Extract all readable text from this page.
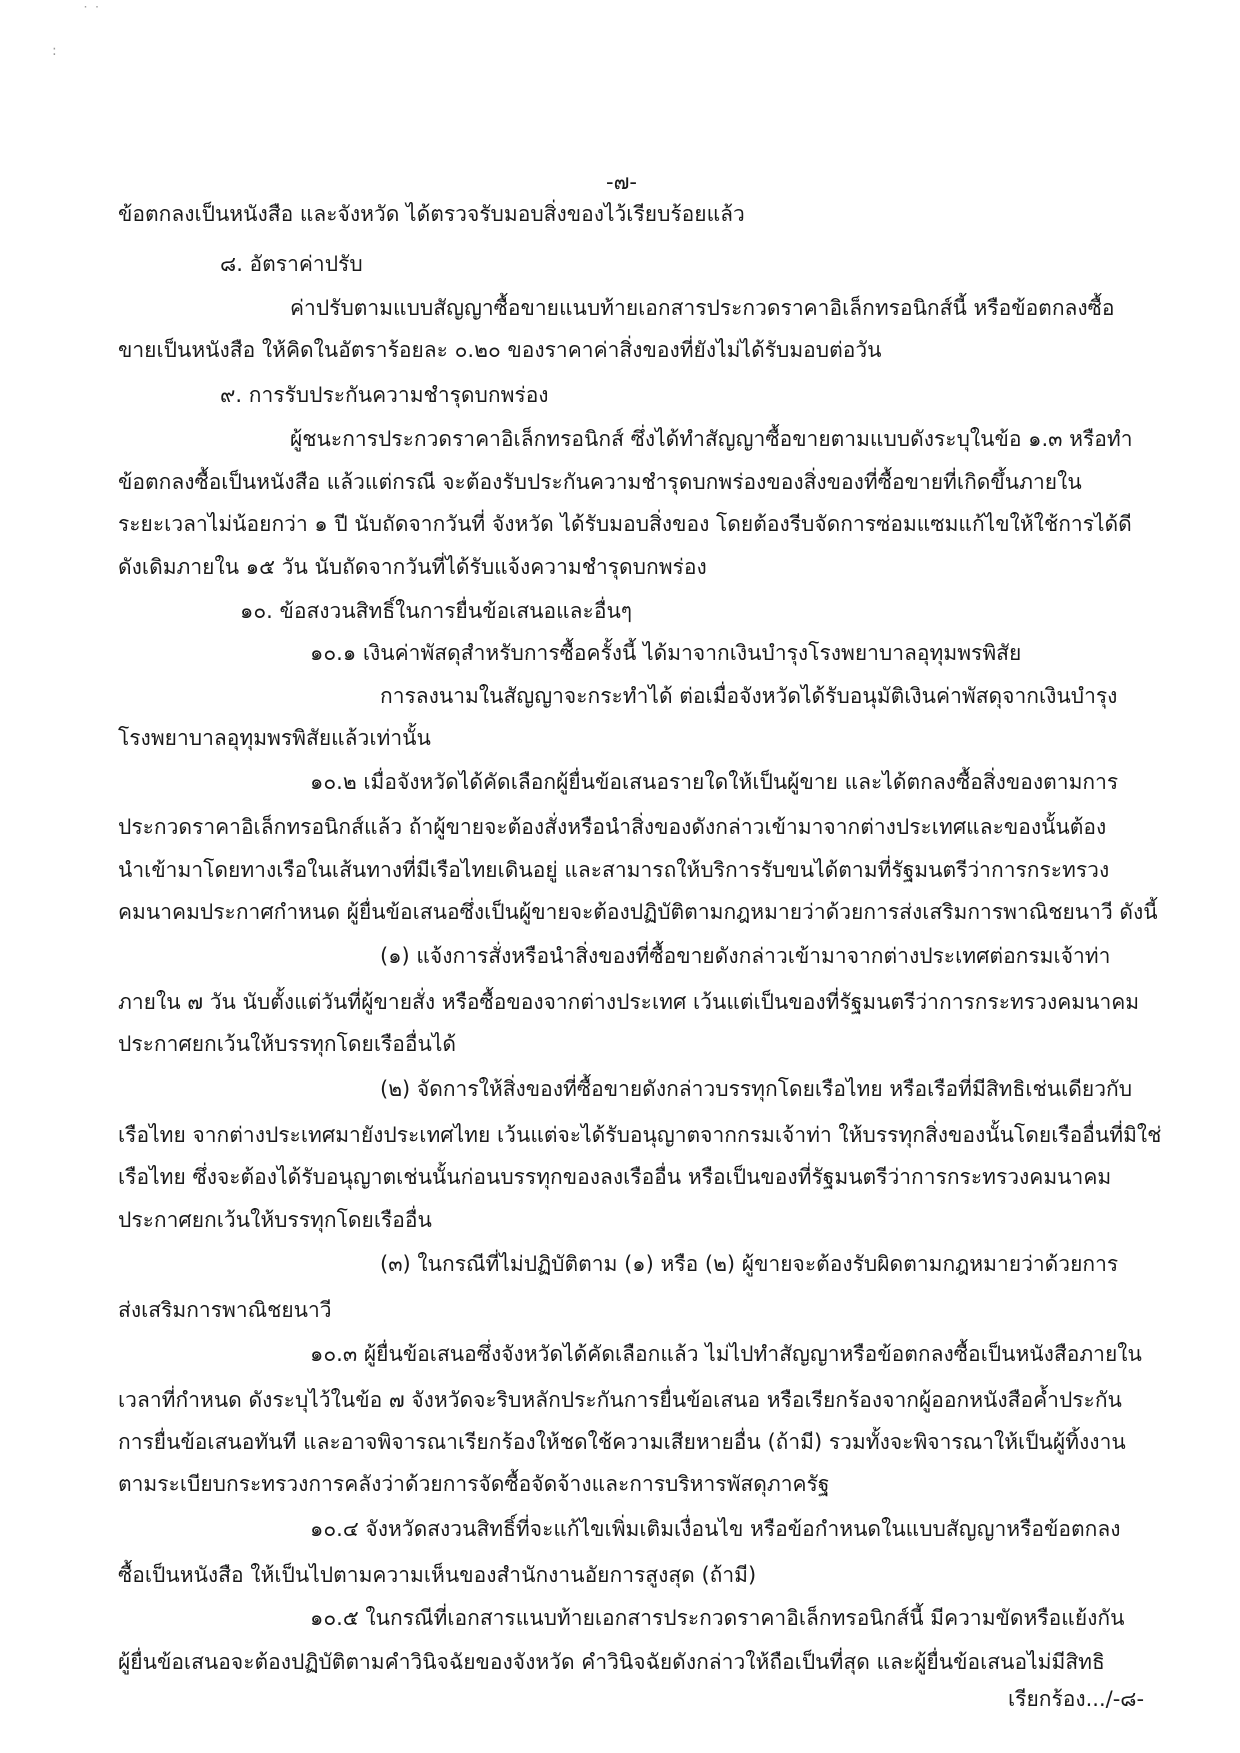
˙ ˙
:
-๗-
ข้อตกลงเป็นหนังสือ และจังหวัด ได้ตรวจรับมอบสิ่งของไว้เรียบร้อยแล้ว
๘. อัตราค่าปรับ
ค่าปรับตามแบบสัญญาซื้อขายแนบท้ายเอกสารประกวดราคาอิเล็กทรอนิกส์นี้ หรือข้อตกลงซื้อ
ขายเป็นหนังสือ ให้คิดในอัตราร้อยละ ๐.๒๐ ของราคาค่าสิ่งของที่ยังไม่ได้รับมอบต่อวัน
๙. การรับประกันความชำรุดบกพร่อง
ผู้ชนะการประกวดราคาอิเล็กทรอนิกส์ ซึ่งได้ทำสัญญาซื้อขายตามแบบดังระบุในข้อ ๑.๓ หรือทำ
ข้อตกลงซื้อเป็นหนังสือ แล้วแต่กรณี จะต้องรับประกันความชำรุดบกพร่องของสิ่งของที่ซื้อขายที่เกิดขึ้นภายใน
ระยะเวลาไม่น้อยกว่า ๑ ปี นับถัดจากวันที่ จังหวัด ได้รับมอบสิ่งของ โดยต้องรีบจัดการซ่อมแซมแก้ไขให้ใช้การได้ดี
ดังเดิมภายใน ๑๕ วัน นับถัดจากวันที่ได้รับแจ้งความชำรุดบกพร่อง
๑๐. ข้อสงวนสิทธิ์ในการยื่นข้อเสนอและอื่นๆ
๑๐.๑ เงินค่าพัสดุสำหรับการซื้อครั้งนี้ ได้มาจากเงินบำรุงโรงพยาบาลอุทุมพรพิสัย
การลงนามในสัญญาจะกระทำได้ ต่อเมื่อจังหวัดได้รับอนุมัติเงินค่าพัสดุจากเงินบำรุง
โรงพยาบาลอุทุมพรพิสัยแล้วเท่านั้น
๑๐.๒ เมื่อจังหวัดได้คัดเลือกผู้ยื่นข้อเสนอรายใดให้เป็นผู้ขาย และได้ตกลงซื้อสิ่งของตามการ
ประกวดราคาอิเล็กทรอนิกส์แล้ว ถ้าผู้ขายจะต้องสั่งหรือนำสิ่งของดังกล่าวเข้ามาจากต่างประเทศและของนั้นต้อง
นำเข้ามาโดยทางเรือในเส้นทางที่มีเรือไทยเดินอยู่ และสามารถให้บริการรับขนได้ตามที่รัฐมนตรีว่าการกระทรวง
คมนาคมประกาศกำหนด ผู้ยื่นข้อเสนอซึ่งเป็นผู้ขายจะต้องปฏิบัติตามกฎหมายว่าด้วยการส่งเสริมการพาณิชยนาวี ดังนี้
(๑) แจ้งการสั่งหรือนำสิ่งของที่ซื้อขายดังกล่าวเข้ามาจากต่างประเทศต่อกรมเจ้าท่า
ภายใน ๗ วัน นับตั้งแต่วันที่ผู้ขายสั่ง หรือซื้อของจากต่างประเทศ เว้นแต่เป็นของที่รัฐมนตรีว่าการกระทรวงคมนาคม
ประกาศยกเว้นให้บรรทุกโดยเรืออื่นได้
(๒) จัดการให้สิ่งของที่ซื้อขายดังกล่าวบรรทุกโดยเรือไทย หรือเรือที่มีสิทธิเช่นเดียวกับ
เรือไทย จากต่างประเทศมายังประเทศไทย เว้นแต่จะได้รับอนุญาตจากกรมเจ้าท่า ให้บรรทุกสิ่งของนั้นโดยเรืออื่นที่มิใช่
เรือไทย ซึ่งจะต้องได้รับอนุญาตเช่นนั้นก่อนบรรทุกของลงเรืออื่น หรือเป็นของที่รัฐมนตรีว่าการกระทรวงคมนาคม
ประกาศยกเว้นให้บรรทุกโดยเรืออื่น
(๓) ในกรณีที่ไม่ปฏิบัติตาม (๑) หรือ (๒) ผู้ขายจะต้องรับผิดตามกฎหมายว่าด้วยการ
ส่งเสริมการพาณิชยนาวี
๑๐.๓ ผู้ยื่นข้อเสนอซึ่งจังหวัดได้คัดเลือกแล้ว ไม่ไปทำสัญญาหรือข้อตกลงซื้อเป็นหนังสือภายใน
เวลาที่กำหนด ดังระบุไว้ในข้อ ๗ จังหวัดจะริบหลักประกันการยื่นข้อเสนอ หรือเรียกร้องจากผู้ออกหนังสือค้ำประกัน
การยื่นข้อเสนอทันที และอาจพิจารณาเรียกร้องให้ชดใช้ความเสียหายอื่น (ถ้ามี) รวมทั้งจะพิจารณาให้เป็นผู้ทิ้งงาน
ตามระเบียบกระทรวงการคลังว่าด้วยการจัดซื้อจัดจ้างและการบริหารพัสดุภาครัฐ
๑๐.๔ จังหวัดสงวนสิทธิ์ที่จะแก้ไขเพิ่มเติมเงื่อนไข หรือข้อกำหนดในแบบสัญญาหรือข้อตกลง
ซื้อเป็นหนังสือ ให้เป็นไปตามความเห็นของสำนักงานอัยการสูงสุด (ถ้ามี)
๑๐.๕ ในกรณีที่เอกสารแนบท้ายเอกสารประกวดราคาอิเล็กทรอนิกส์นี้ มีความขัดหรือแย้งกัน
ผู้ยื่นข้อเสนอจะต้องปฏิบัติตามคำวินิจฉัยของจังหวัด คำวินิจฉัยดังกล่าวให้ถือเป็นที่สุด และผู้ยื่นข้อเสนอไม่มีสิทธิ
เรียกร้อง.../-๘-
